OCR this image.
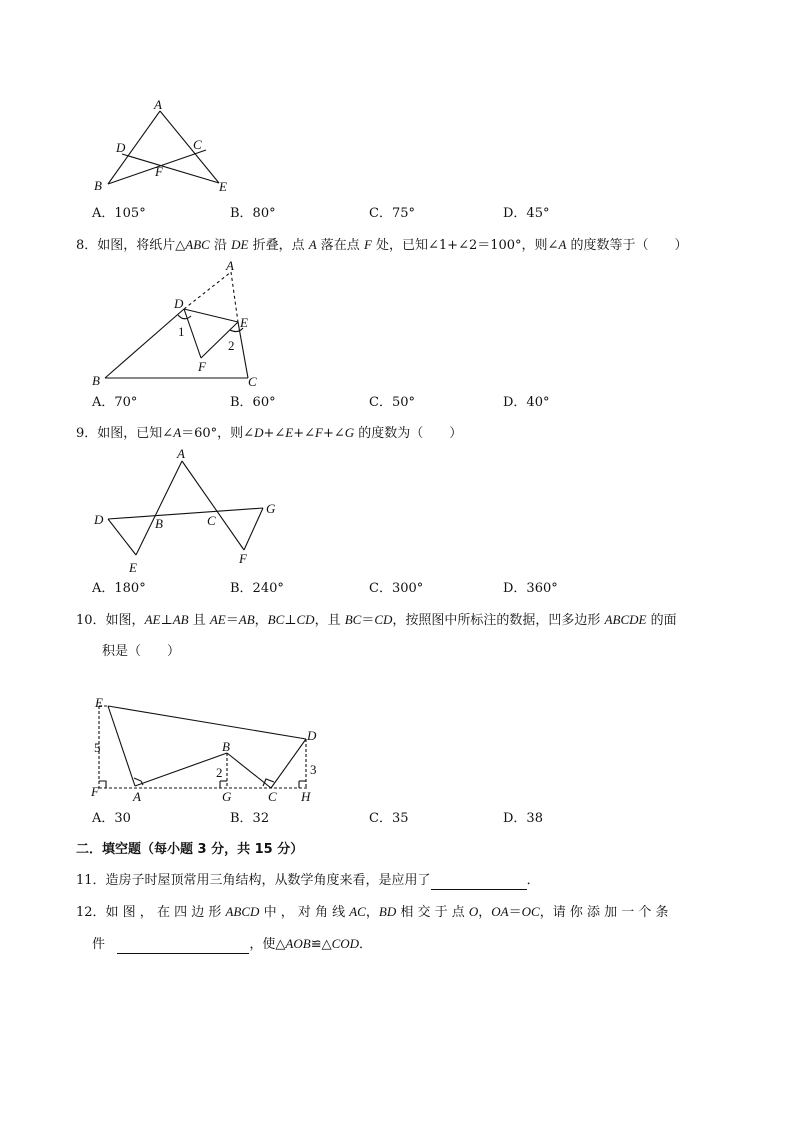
A
D	C
F
B	E
A．105°	B．80°	C．75°	D．45°
8．如图，将纸片△ABC 沿 DE 折叠，点 A 落在点 F 处，已知∠1+∠2＝100°，则∠A 的度数等于（　　）
A
D
E
1
2
F
B	C
A．70°	B．60°	C．50°	D．40°
9．如图，已知∠A＝60°，则∠D+∠E+∠F+∠G 的度数为（　　）
A
D	B	C
G
E
F
A．180°	B．240°	C．300°	D．360°
10．如图，AE⊥AB 且 AE＝AB，BC⊥CD，且 BC＝CD，按照图中所标注的数据，凹多边形 ABCDE 的面
积是（　　）
E
D
B
5
2	3
F	A	G	C H
A．30	B．32	C．35	D．38
二．填空题（每小题 3 分，共 15 分）
11．造房子时屋顶常用三角结构，从数学角度来看，是应用了	．
12．如 图 ， 在 四 边 形 ABCD 中 ， 对 角 线 AC，BD 相 交 于 点 O，OA＝OC，请 你 添 加 一 个 条
件	，使△AOB≌△COD．
